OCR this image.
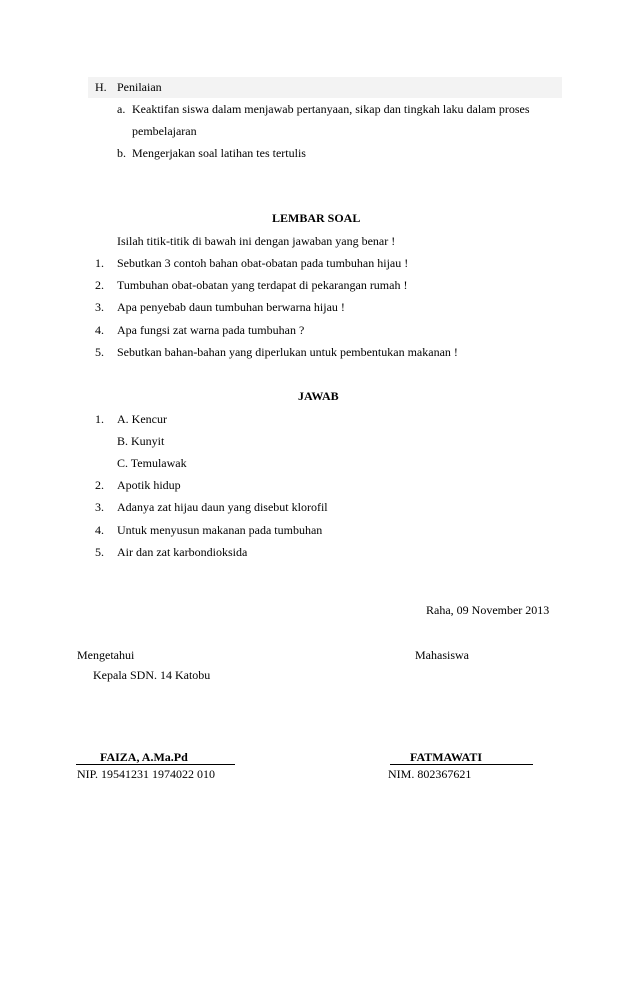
H. Penilaian
a. Keaktifan siswa dalam menjawab pertanyaan, sikap dan tingkah laku dalam proses
pembelajaran
b. Mengerjakan soal latihan tes tertulis
LEMBAR SOAL
Isilah titik-titik di bawah ini dengan jawaban yang benar !
1. Sebutkan 3 contoh bahan obat-obatan pada tumbuhan hijau !
2. Tumbuhan obat-obatan yang terdapat di pekarangan rumah !
3. Apa penyebab daun tumbuhan berwarna hijau !
4. Apa fungsi zat warna pada tumbuhan ?
5. Sebutkan bahan-bahan yang diperlukan untuk pembentukan makanan !
JAWAB
1. A. Kencur
B. Kunyit
C. Temulawak
2. Apotik hidup
3. Adanya zat hijau daun yang disebut klorofil
4. Untuk menyusun makanan pada tumbuhan
5. Air dan zat karbondioksida
Raha, 09 November 2013
Mengetahui
Kepala SDN. 14 Katobu
Mahasiswa
FAIZA, A.Ma.Pd
NIP. 19541231 1974022 010
FATMAWATI
NIM. 802367621
